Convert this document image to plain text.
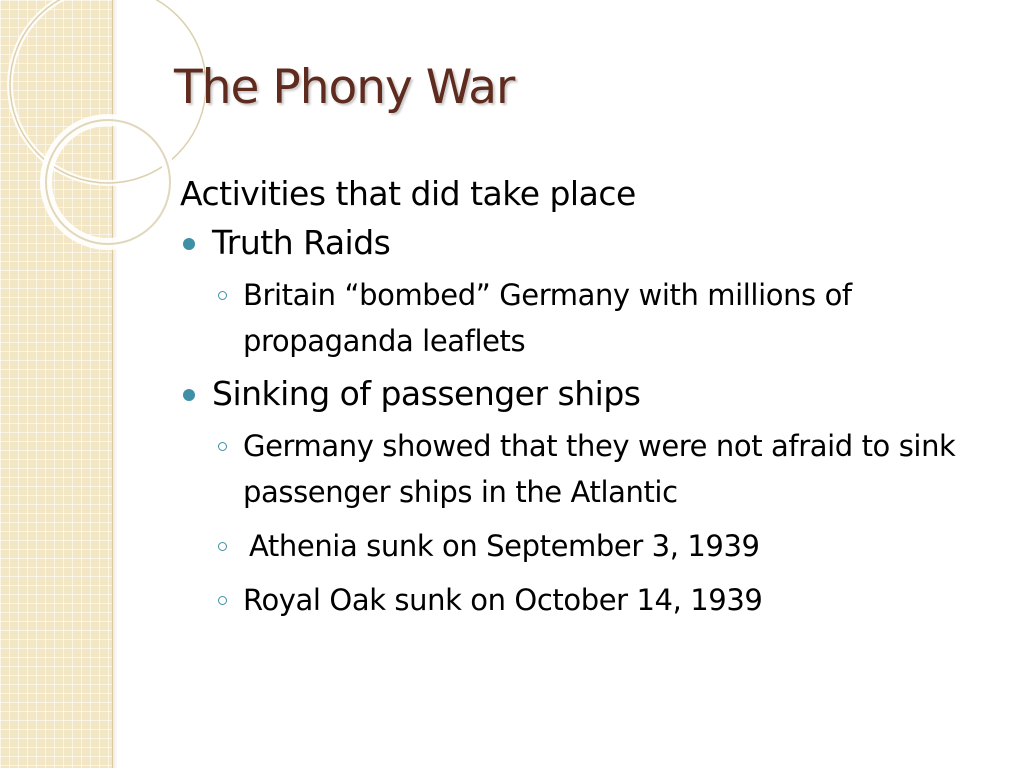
The Phony War
Activities that did take place
Truth Raids
Britain “bombed” Germany with millions of propaganda leaflets
Sinking of passenger ships
Germany showed that they were not afraid to sink passenger ships in the Atlantic
Athenia sunk on September 3, 1939
Royal Oak sunk on October 14, 1939
